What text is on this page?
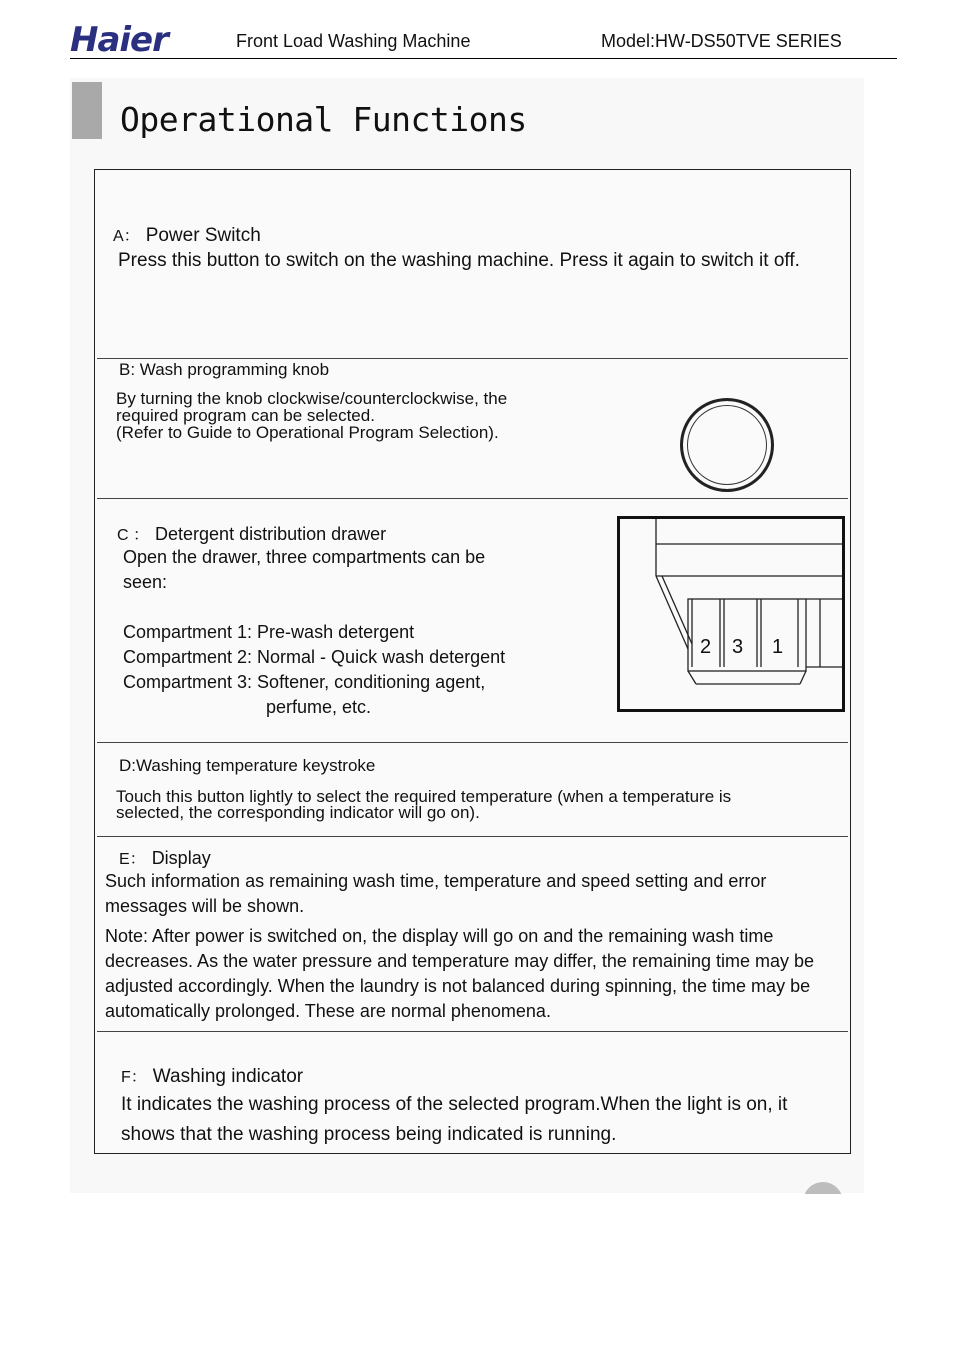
Haier	Front Load Washing Machine	Model:HW-DS50TVE SERIES
Operational Functions
A： Power Switch
Press this button to switch on the washing machine. Press it again to switch it off.
B: Wash programming knob
By turning the knob clockwise/counterclockwise, the
required program can be selected.
(Refer to Guide to Operational Program Selection).
C ： Detergent distribution drawer
Open the drawer, three compartments can be
seen:
Compartment 1: Pre-wash detergent
Compartment 2: Normal - Quick wash detergent
Compartment 3: Softener, conditioning agent,
perfume, etc.
2 3 1
D:Washing temperature keystroke
Touch this button lightly to select the required temperature (when a temperature is
selected, the corresponding indicator will go on).
E： Display
Such information as remaining wash time, temperature and speed setting and error messages will be shown.
Note: After power is switched on, the display will go on and the remaining wash time decreases. As the water pressure and temperature may differ, the remaining time may be adjusted accordingly. When the laundry is not balanced during spinning, the time may be automatically prolonged. These are normal phenomena.
F： Washing indicator
It indicates the washing process of the selected program.When the light is on, it shows that the washing process being indicated is running.
